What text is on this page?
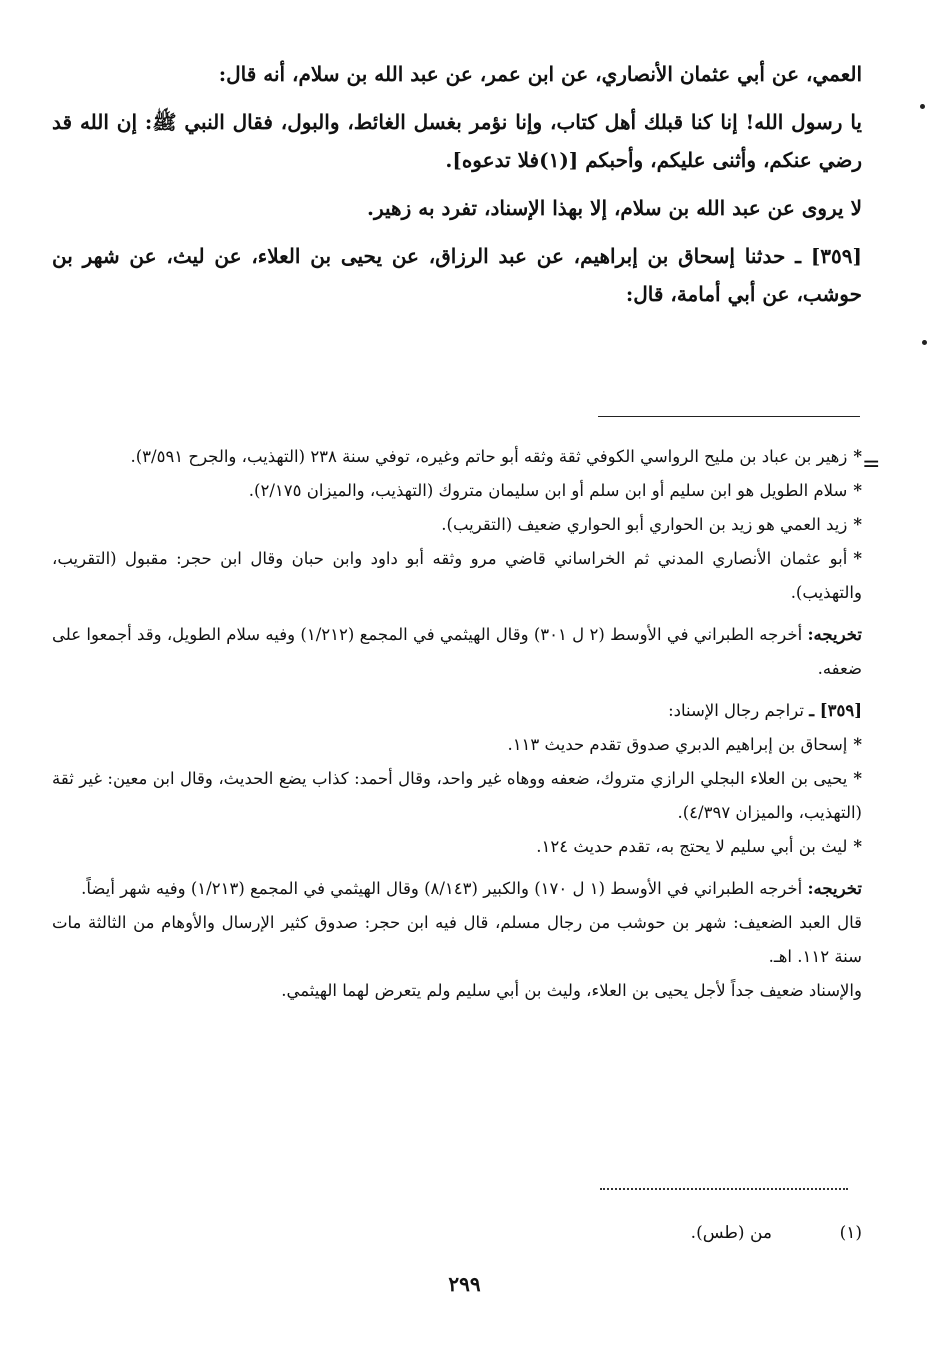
العمي، عن أبي عثمان الأنصاري، عن ابن عمر، عن عبد الله بن سلام، أنه قال:

يا رسول الله! إنا كنا قبلك أهل كتاب، وإنا نؤمر بغسل الغائط، والبول، فقال النبي ﷺ: إن الله قد رضي عنكم، وأثنى عليكم، وأحبكم [(١)فلا تدعوه].

لا يروى عن عبد الله بن سلام، إلا بهذا الإسناد، تفرد به زهير.

[٣٥٩] ـ حدثنا إسحاق بن إبراهيم، عن عبد الرزاق، عن يحيى بن العلاء، عن ليث، عن شهر بن حوشب، عن أبي أمامة، قال:

=

*زهير بن عباد بن مليح الرواسي الكوفي ثقة وثقه أبو حاتم وغيره، توفي سنة ٢٣٨ (التهذيب، والجرح ٣/٥٩١).

*سلام الطويل هو ابن سليم أو ابن سلم أو ابن سليمان متروك (التهذيب، والميزان ٢/١٧٥).

*زيد العمي هو زيد بن الحواري أبو الحواري ضعيف (التقريب).

*أبو عثمان الأنصاري المدني ثم الخراساني قاضي مرو وثقه أبو داود وابن حبان وقال ابن حجر: مقبول (التقريب، والتهذيب).

تخريجه: أخرجه الطبراني في الأوسط (٢ ل ٣٠١) وقال الهيثمي في المجمع (١/٢١٢) وفيه سلام الطويل، وقد أجمعوا على ضعفه.

[٣٥٩] ـ تراجم رجال الإسناد:

*إسحاق بن إبراهيم الدبري صدوق تقدم حديث ١١٣.

*يحيى بن العلاء البجلي الرازي متروك، ضعفه ووهاه غير واحد، وقال أحمد: كذاب يضع الحديث، وقال ابن معين: غير ثقة (التهذيب، والميزان ٤/٣٩٧).

*ليث بن أبي سليم لا يحتج به، تقدم حديث ١٢٤.

تخريجه: أخرجه الطبراني في الأوسط (١ ل ١٧٠) والكبير (٨/١٤٣) وقال الهيثمي في المجمع (١/٢١٣) وفيه شهر أيضاً.

قال العبد الضعيف: شهر بن حوشب من رجال مسلم، قال فيه ابن حجر: صدوق كثير الإرسال والأوهام من الثالثة مات سنة ١١٢. اهـ.

والإسناد ضعيف جداً لأجل يحيى بن العلاء، وليث بن أبي سليم ولم يتعرض لهما الهيثمي.

(١)من (طس).
٢٩٩
